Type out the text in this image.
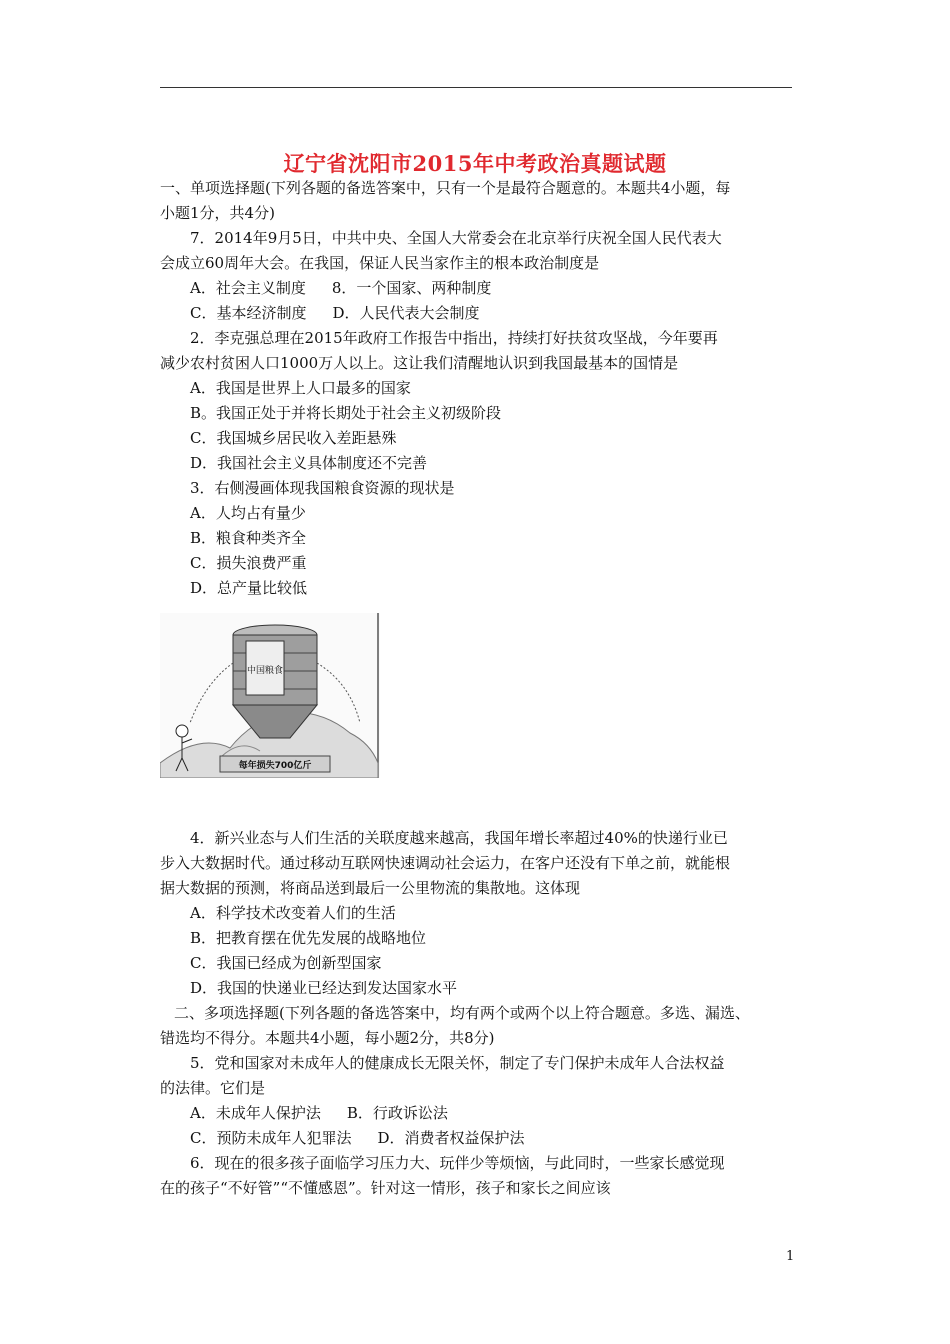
辽宁省沈阳市2015年中考政治真题试题
一、单项选择题(下列各题的备选答案中，只有一个是最符合题意的。本题共4小题，每
小题1分，共4分)
7．2014年9月5日，中共中央、全国人大常委会在北京举行庆祝全国人民代表大
会成立60周年大会。在我国，保证人民当家作主的根本政治制度是
A．社会主义制度 8．一个国家、两种制度
C．基本经济制度 D．人民代表大会制度
2．李克强总理在2015年政府工作报告中指出，持续打好扶贫攻坚战，今年要再
减少农村贫困人口1000万人以上。这让我们清醒地认识到我国最基本的国情是
A．我国是世界上人口最多的国家
B。我国正处于并将长期处于社会主义初级阶段
C．我国城乡居民收入差距悬殊
D．我国社会主义具体制度还不完善
3．右侧漫画体现我国粮食资源的现状是
A．人均占有量少
B．粮食种类齐全
C．损失浪费严重
D．总产量比较低
中国粮食
每年损失700亿斤
4．新兴业态与人们生活的关联度越来越高，我国年增长率超过40%的快递行业已
步入大数据时代。通过移动互联网快速调动社会运力，在客户还没有下单之前，就能根
据大数据的预测，将商品送到最后一公里物流的集散地。这体现
A．科学技术改变着人们的生活
B．把教育摆在优先发展的战略地位
C．我国已经成为创新型国家
D．我国的快递业已经达到发达国家水平
二、多项选择题(下列各题的备选答案中，均有两个或两个以上符合题意。多选、漏选、
错选均不得分。本题共4小题，每小题2分，共8分)
5．党和国家对未成年人的健康成长无限关怀，制定了专门保护未成年人合法权益
的法律。它们是
A．未成年人保护法 B．行政诉讼法
C．预防未成年人犯罪法 D．消费者权益保护法
6．现在的很多孩子面临学习压力大、玩伴少等烦恼，与此同时，一些家长感觉现
在的孩子“不好管”“不懂感恩”。针对这一情形，孩子和家长之间应该
1
